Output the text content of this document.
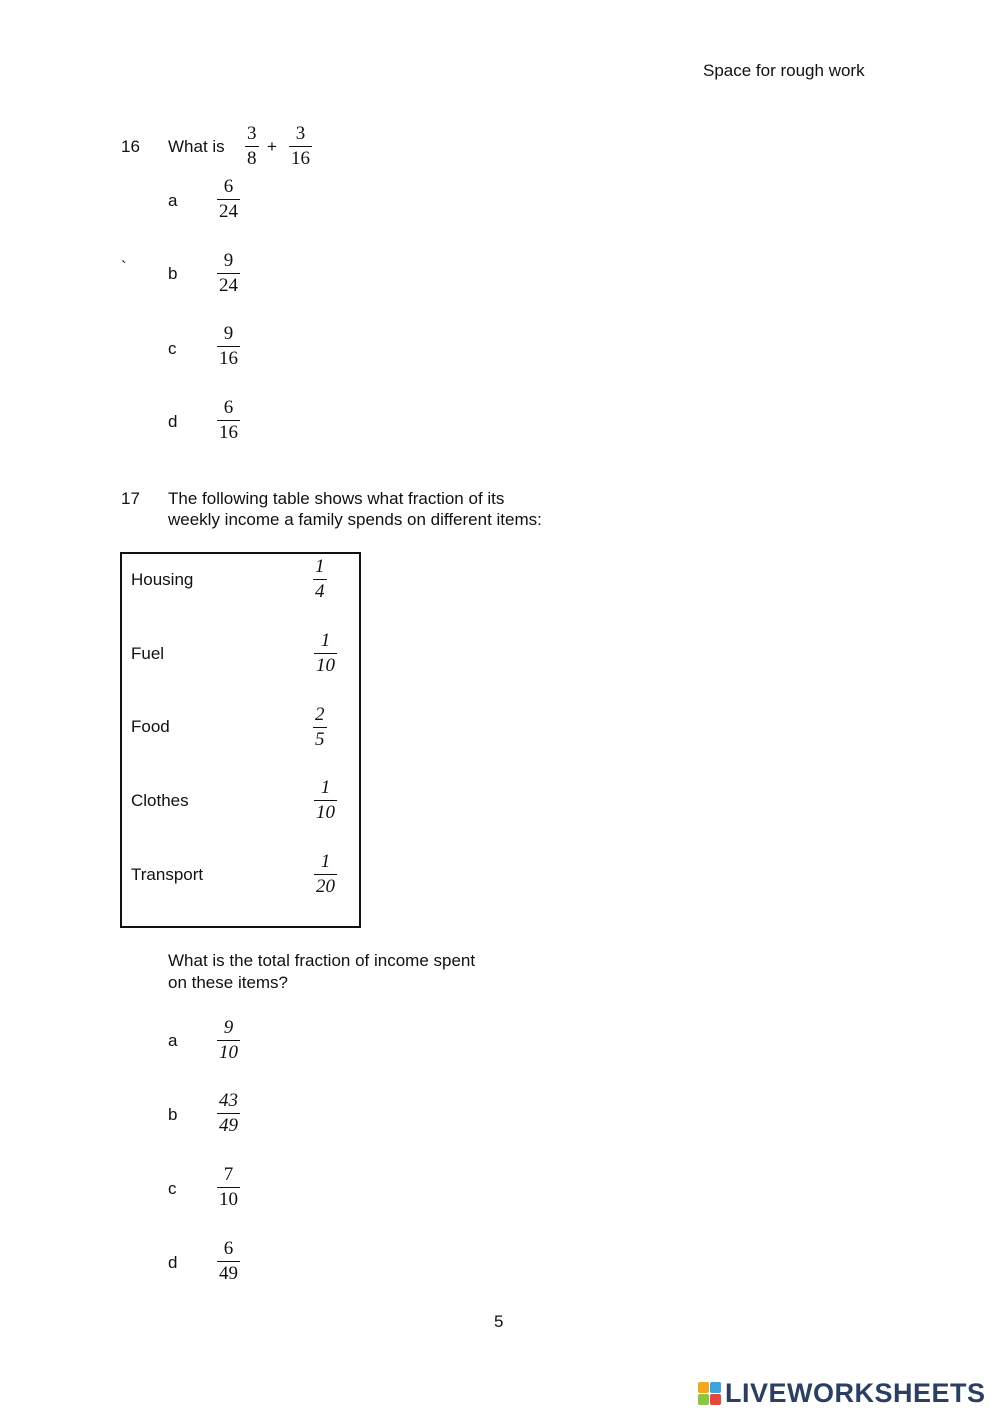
Space for rough work
16 What is
3
8
+
3
16
`
a
6
24
b
9
24
c
9
16
d
6
16
17 The following table shows what fraction of its
weekly income a family spends on different items:
Housing
1
4
Fuel
1
10
Food
2
5
Clothes
1
10
Transport
1
20
What is the total fraction of income spent
on these items?
a
9
10
b
43
49
c
7
10
d
6
49
5
LIVEWORKSHEETS
